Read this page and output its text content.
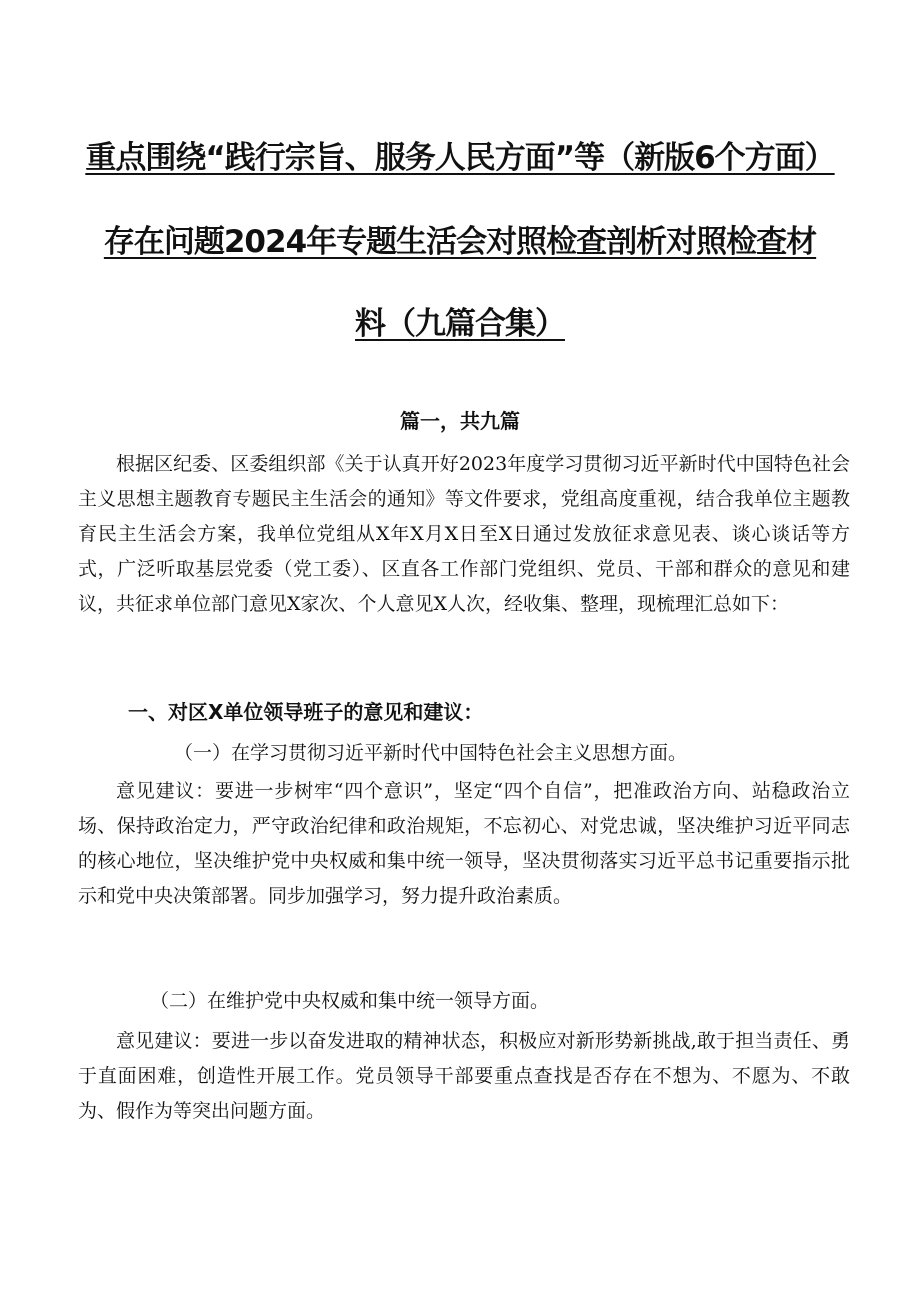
重点围绕“践行宗旨、服务人民方面”等（新版6个方面）
存在问题2024年专题生活会对照检查剖析对照检查材
料（九篇合集）
篇一，共九篇

根据区纪委、区委组织部《关于认真开好2023年度学习贯彻习近平新时代中国特色社会主义思想主题教育专题民主生活会的通知》等文件要求，党组高度重视，结合我单位主题教育民主生活会方案，我单位党组从X年X月X日至X日通过发放征求意见表、谈心谈话等方式，广泛听取基层党委（党工委）、区直各工作部门党组织、党员、干部和群众的意见和建议，共征求单位部门意见X家次、个人意见X人次，经收集、整理，现梳理汇总如下：

一、对区X单位领导班子的意见和建议：
（一）在学习贯彻习近平新时代中国特色社会主义思想方面。

意见建议：要进一步树牢“四个意识”，坚定“四个自信”，把准政治方向、站稳政治立场、保持政治定力，严守政治纪律和政治规矩，不忘初心、对党忠诚，坚决维护习近平同志的核心地位，坚决维护党中央权威和集中统一领导，坚决贯彻落实习近平总书记重要指示批示和党中央决策部署。同步加强学习，努力提升政治素质。

（二）在维护党中央权威和集中统一领导方面。

意见建议：要进一步以奋发进取的精神状态，积极应对新形势新挑战,敢于担当责任、勇于直面困难，创造性开展工作。党员领导干部要重点查找是否存在不想为、不愿为、不敢为、假作为等突出问题方面。
